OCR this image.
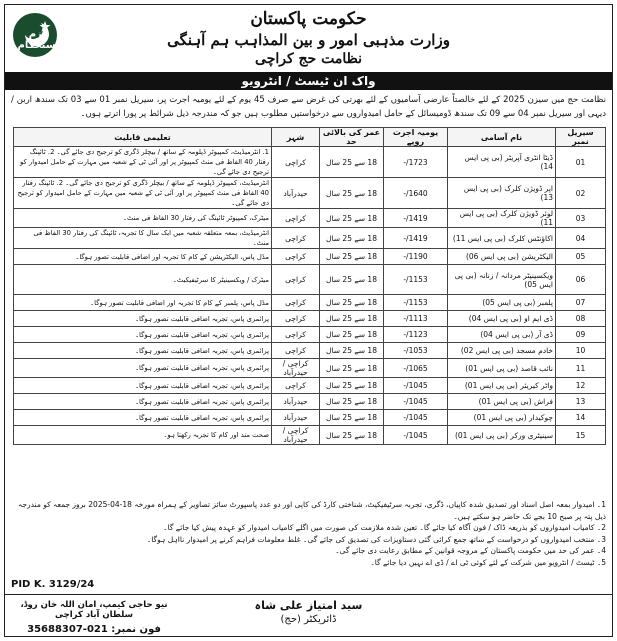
حکومت پاکستان
وزارت مذہبی امور و بین المذاہب ہم آہنگی
نظامت حج کراچی
عزم استحکام
واک ان ٹیسٹ / انٹرویو
نظامت حج میں سیزن 2025 کے لئے خالصتاً عارضی آسامیوں کے لئے بھرتی کی غرض سے صرف 45 یوم کے لئے یومیہ اجرت پر، سیریل نمبر 01 سے 03 تک سندھ اربن / دیہی اور سیریل نمبر 04 سے 09 تک سندھ ڈومیسائل کے حامل امیدواروں سے درخواستیں مطلوب ہیں جو کہ مندرجہ ذیل شرائط پر پورا اترتے ہوں۔
سیریل نمبر	نام آسامی	یومیہ اجرت روپے	عمر کی بالائی حد	شہر	تعلیمی قابلیت
01	ڈیٹا انٹری آپریٹر (بی پی ایس 14)	1723/-	18 سے 25 سال	کراچی	1. انٹرمیڈیٹ، کمپیوٹر ڈپلومہ کے ساتھ / بیچلر ڈگری کو ترجیح دی جائے گی۔ 2. ٹائپنگ رفتار 40 الفاظ فی منٹ کمپیوٹر پر اور آئی ٹی کے شعبہ میں مہارت کے حامل امیدوار کو ترجیح دی جائے گی۔
02	اپر ڈویژن کلرک (بی پی ایس 13)	1640/-	18 سے 25 سال	حیدرآباد	انٹرمیڈیٹ، کمپیوٹر ڈپلومہ کے ساتھ / بیچلر ڈگری کو ترجیح دی جائے گی۔ 2. ٹائپنگ رفتار 40 الفاظ فی منٹ کمپیوٹر پر اور آئی ٹی کے شعبہ میں مہارت کے حامل امیدوار کو ترجیح دی جائے گی۔
03	لوئر ڈویژن کلرک (بی پی ایس 11)	1419/-	18 سے 25 سال	کراچی	میٹرک، کمپیوٹر ٹائپنگ کی رفتار 30 الفاظ فی منٹ۔
04	اکاؤنٹس کلرک (بی پی ایس 11)	1419/-	18 سے 25 سال	کراچی	انٹرمیڈیٹ، بمعہ متعلقہ شعبہ میں ایک سال کا تجربہ، ٹائپنگ کی رفتار 30 الفاظ فی منٹ۔
05	الیکٹریشن (بی پی ایس 06)	1190/-	18 سے 25 سال	کراچی	مڈل پاس، الیکٹریشن کے کام کا تجربہ اور اضافی قابلیت تصور ہوگا۔
06	ویکسینیٹر مردانہ / زنانہ (بی پی ایس 05)	1153/-	18 سے 25 سال	کراچی	میٹرک / ویکسینیٹر کا سرٹیفیکیٹ۔
07	پلمبر (بی پی ایس 05)	1153/-	18 سے 25 سال	کراچی	مڈل پاس، پلمبر کے کام کا تجربہ اور اضافی قابلیت تصور ہوگا۔
08	ڈی ایم او (بی پی ایس 04)	1113/-	18 سے 25 سال	کراچی	پرائمری پاس، تجربہ اضافی قابلیت تصور ہوگا۔
09	ڈی آر (بی پی ایس 04)	1123/-	18 سے 25 سال	کراچی	پرائمری پاس، تجربہ اضافی قابلیت تصور ہوگا۔
10	خادم مسجد (بی پی ایس 02)	1053/-	18 سے 25 سال	کراچی	پرائمری پاس، تجربہ اضافی قابلیت تصور ہوگا۔
11	نائب قاصد (بی پی ایس 01)	1065/-	18 سے 25 سال	کراچی / حیدرآباد	پرائمری پاس، تجربہ اضافی قابلیت تصور ہوگا۔
12	واٹر کیریئر (بی پی ایس 01)	1045/-	18 سے 25 سال	کراچی	پرائمری پاس، تجربہ اضافی قابلیت تصور ہوگا۔
13	فراش (بی پی ایس 01)	1045/-	18 سے 25 سال	حیدرآباد	پرائمری پاس، تجربہ اضافی قابلیت تصور ہوگا۔
14	چوکیدار (بی پی ایس 01)	1045/-	18 سے 25 سال	حیدرآباد	پرائمری پاس، تجربہ اضافی قابلیت تصور ہوگا۔
15	سینیٹری ورکر (بی پی ایس 01)	1045/-	18 سے 25 سال	کراچی / حیدرآباد	صحت مند اور کام کا تجربہ رکھتا ہو۔
1۔ امیدوار بمعہ اصل اسناد اور تصدیق شدہ کاپیاں، ڈگری، تجربہ سرٹیفیکیٹ، شناختی کارڈ کی کاپی اور دو عدد پاسپورٹ سائز تصاویر کے ہمراہ مورخہ 18-04-2025 بروز جمعہ کو مندرجہ ذیل پتہ پر صبح 10 بجے تک حاضر ہو سکتے ہیں۔
2۔ کامیاب امیدواروں کو بذریعہ ڈاک / فون آگاہ کیا جائے گا۔ تعین شدہ ملازمت کی صورت میں اگلے کامیاب امیدوار کو عہدہ پیش کیا جائے گا۔
3۔ منتخب امیدواروں کو درخواست کے ساتھ جمع کرائی گئی دستاویزات کی تصدیق کی جائے گی۔ غلط معلومات فراہم کرنے پر امیدوار نااہل ہوگا۔
4۔ عمر کی حد میں حکومت پاکستان کے مروجہ قوانین کے مطابق رعایت دی جائے گی۔
5۔ ٹیسٹ / انٹرویو میں شرکت کے لئے کوئی ٹی اے / ڈی اے نہیں دیا جائے گا۔
PID K. 3129/24
سید امتیاز علی شاہ
ڈائریکٹر (حج)
نیو حاجی کیمپ، امان اللہ خان روڈ، سلطان آباد کراچی
فون نمبر: 021-35688307
